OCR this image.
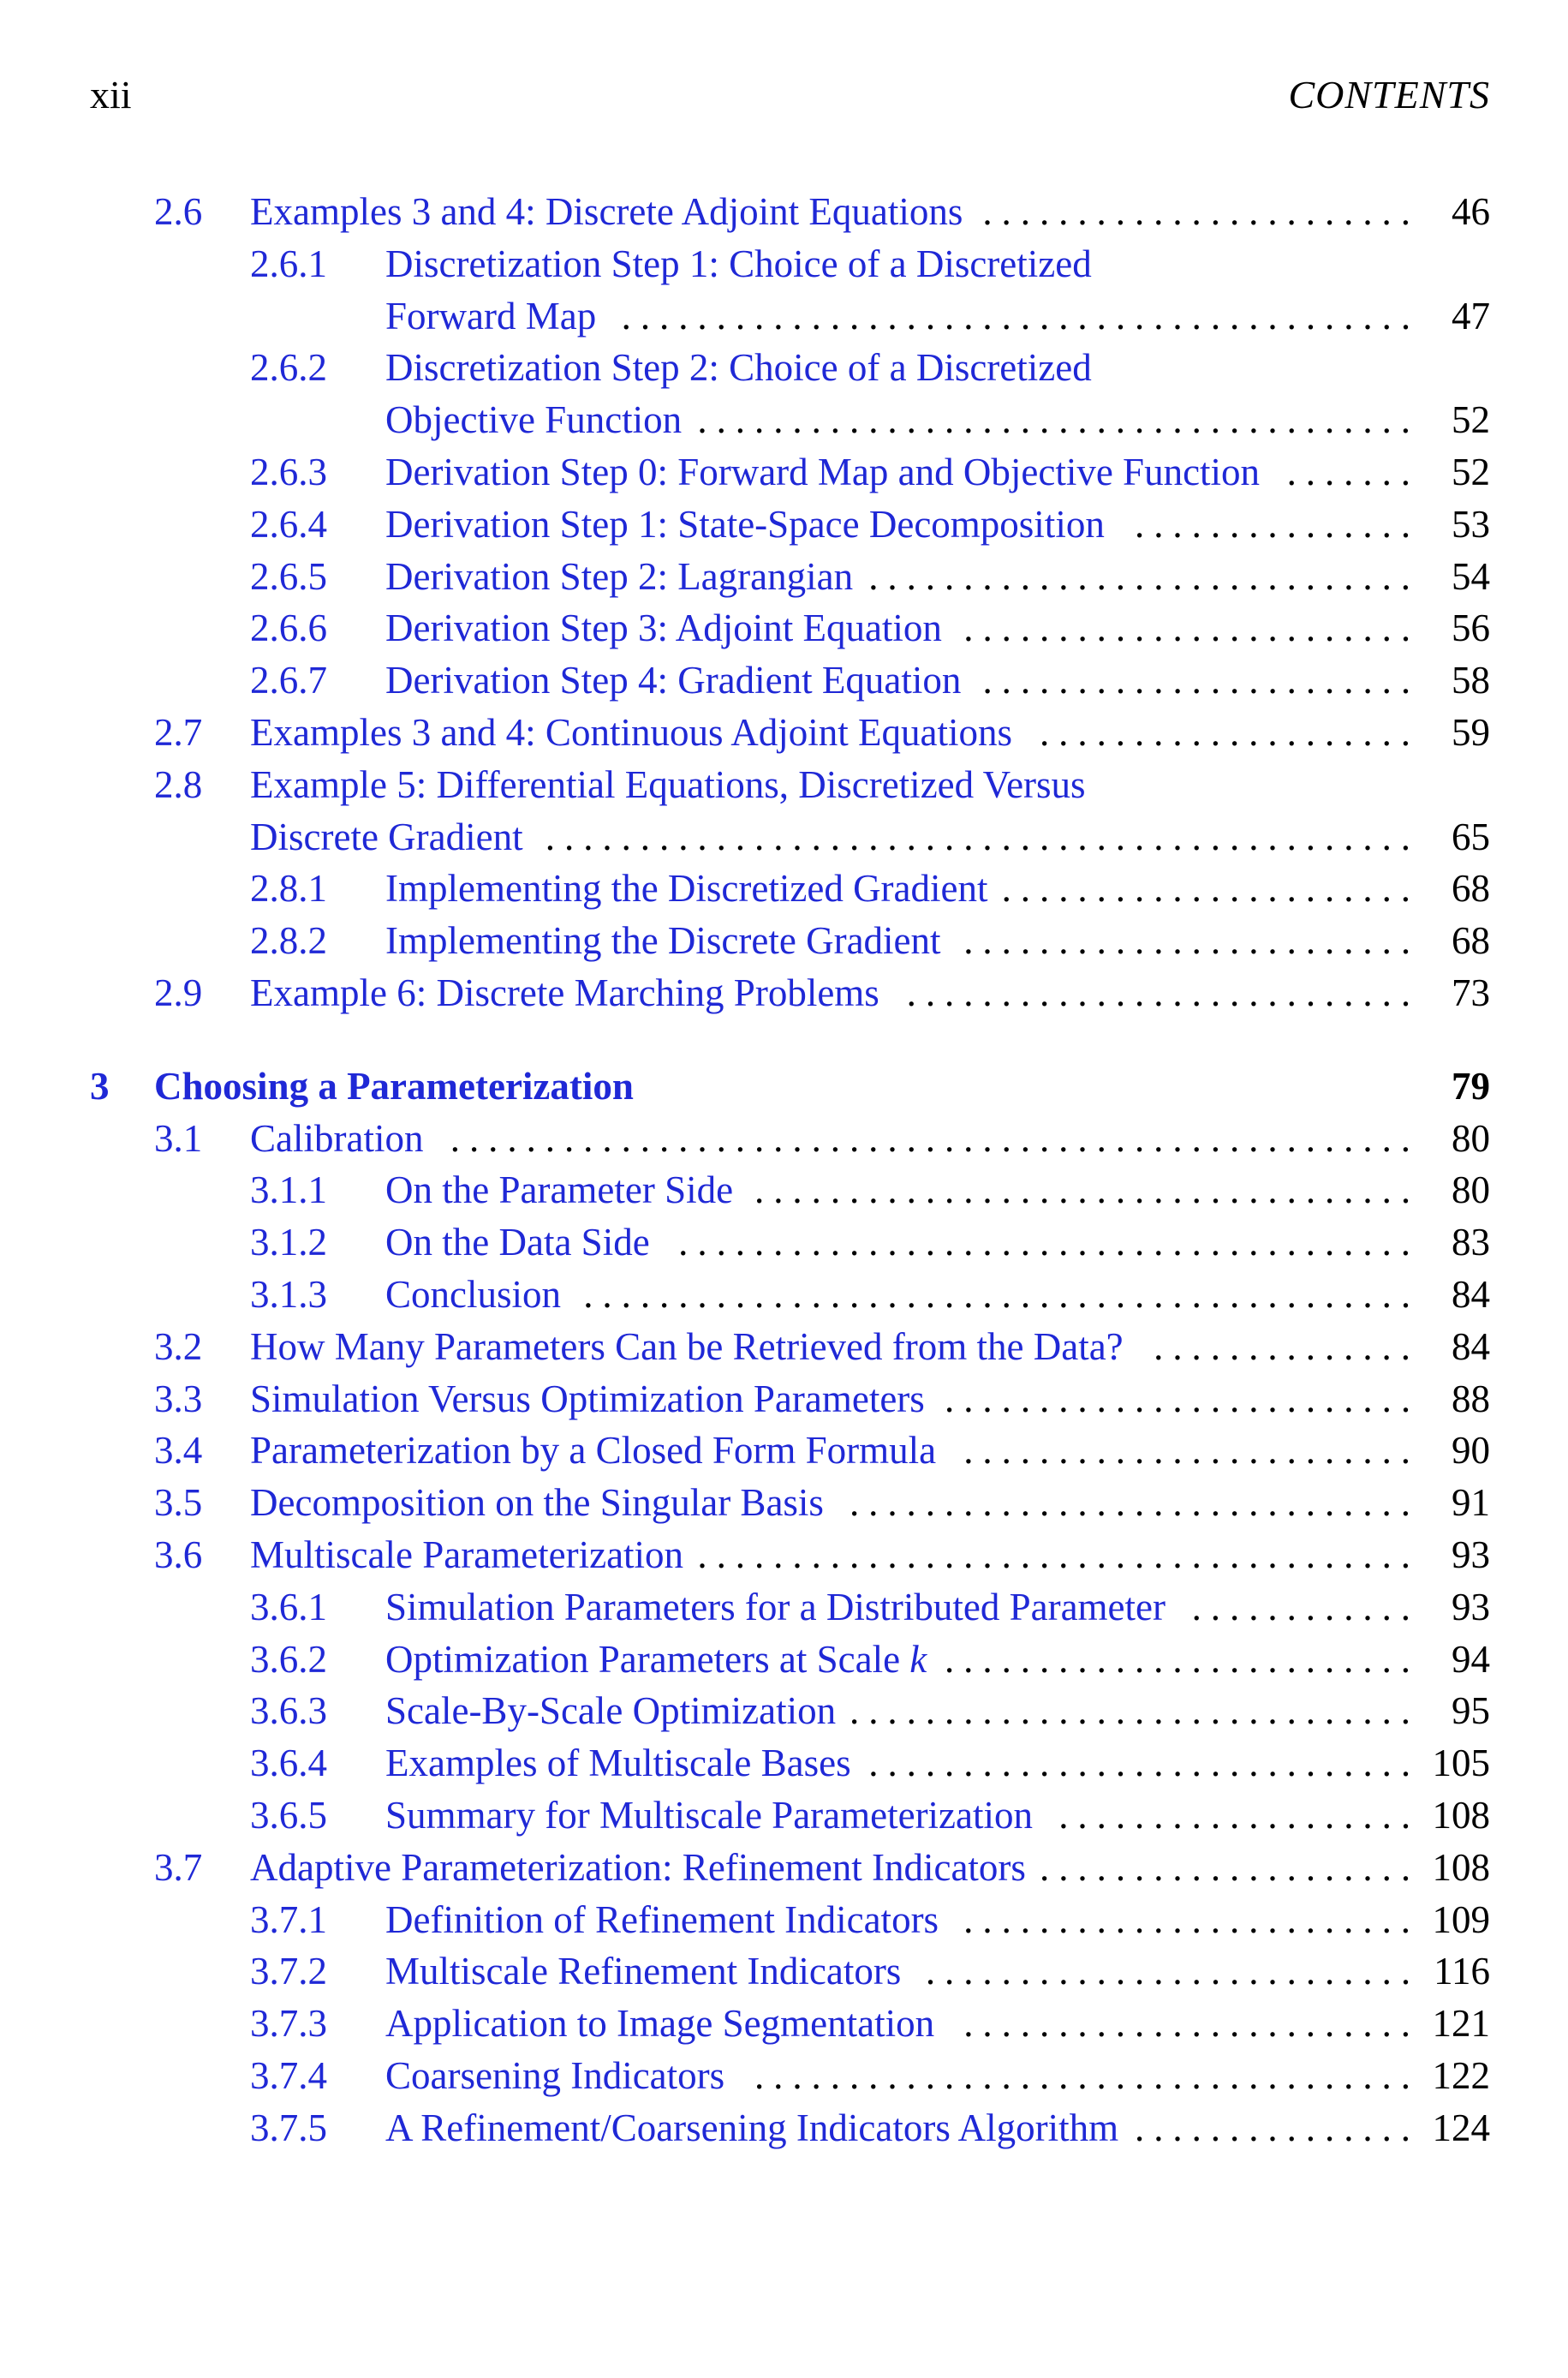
xii	CONTENTS
2.6 Examples 3 and 4: Discrete Adjoint Equations	46
.
.
.
.
.
.
.
.
.
.
.
.
.
.
.
.
.
.
.
.
.
.
.
2.6.1 Discretization Step 1: Choice of a Discretized
Forward Map	47
.
.
.
.
.
.
.
.
.
.
.
.
.
.
.
.
.
.
.
.
.
.
.
.
.
.
.
.
.
.
.
.
.
.
.
.
.
.
.
.
.
.
2.6.2 Discretization Step 2: Choice of a Discretized
Objective Function	52
.
.
.
.
.
.
.
.
.
.
.
.
.
.
.
.
.
.
.
.
.
.
.
.
.
.
.
.
.
.
.
.
.
.
.
.
.
.
2.6.3 Derivation Step 0: Forward Map and Objective Function	52
.
.
.
.
.
.
.
2.6.4 Derivation Step 1: State-Space Decomposition	53
.
.
.
.
.
.
.
.
.
.
.
.
.
.
.
2.6.5 Derivation Step 2: Lagrangian	54
.
.
.
.
.
.
.
.
.
.
.
.
.
.
.
.
.
.
.
.
.
.
.
.
.
.
.
.
.
2.6.6 Derivation Step 3: Adjoint Equation	56
.
.
.
.
.
.
.
.
.
.
.
.
.
.
.
.
.
.
.
.
.
.
.
.
2.6.7 Derivation Step 4: Gradient Equation	58
.
.
.
.
.
.
.
.
.
.
.
.
.
.
.
.
.
.
.
.
.
.
.
2.7 Examples 3 and 4: Continuous Adjoint Equations	59
.
.
.
.
.
.
.
.
.
.
.
.
.
.
.
.
.
.
.
.
2.8 Example 5: Differential Equations, Discretized Versus
Discrete Gradient	65
.
.
.
.
.
.
.
.
.
.
.
.
.
.
.
.
.
.
.
.
.
.
.
.
.
.
.
.
.
.
.
.
.
.
.
.
.
.
.
.
.
.
.
.
.
.
2.8.1 Implementing the Discretized Gradient	68
.
.
.
.
.
.
.
.
.
.
.
.
.
.
.
.
.
.
.
.
.
.
2.8.2 Implementing the Discrete Gradient	68
.
.
.
.
.
.
.
.
.
.
.
.
.
.
.
.
.
.
.
.
.
.
.
.
2.9 Example 6: Discrete Marching Problems	73
.
.
.
.
.
.
.
.
.
.
.
.
.
.
.
.
.
.
.
.
.
.
.
.
.
.
.
3 Choosing a Parameterization	79
3.1 Calibration	80
.
.
.
.
.
.
.
.
.
.
.
.
.
.
.
.
.
.
.
.
.
.
.
.
.
.
.
.
.
.
.
.
.
.
.
.
.
.
.
.
.
.
.
.
.
.
.
.
.
.
.
3.1.1 On the Parameter Side	80
.
.
.
.
.
.
.
.
.
.
.
.
.
.
.
.
.
.
.
.
.
.
.
.
.
.
.
.
.
.
.
.
.
.
.
3.1.2 On the Data Side	83
.
.
.
.
.
.
.
.
.
.
.
.
.
.
.
.
.
.
.
.
.
.
.
.
.
.
.
.
.
.
.
.
.
.
.
.
.
.
.
3.1.3 Conclusion	84
.
.
.
.
.
.
.
.
.
.
.
.
.
.
.
.
.
.
.
.
.
.
.
.
.
.
.
.
.
.
.
.
.
.
.
.
.
.
.
.
.
.
.
.
3.2 How Many Parameters Can be Retrieved from the Data?	84
.
.
.
.
.
.
.
.
.
.
.
.
.
.
3.3 Simulation Versus Optimization Parameters	88
.
.
.
.
.
.
.
.
.
.
.
.
.
.
.
.
.
.
.
.
.
.
.
.
.
3.4 Parameterization by a Closed Form Formula	90
.
.
.
.
.
.
.
.
.
.
.
.
.
.
.
.
.
.
.
.
.
.
.
.
3.5 Decomposition on the Singular Basis	91
.
.
.
.
.
.
.
.
.
.
.
.
.
.
.
.
.
.
.
.
.
.
.
.
.
.
.
.
.
.
3.6 Multiscale Parameterization	93
.
.
.
.
.
.
.
.
.
.
.
.
.
.
.
.
.
.
.
.
.
.
.
.
.
.
.
.
.
.
.
.
.
.
.
.
.
.
3.6.1 Simulation Parameters for a Distributed Parameter	93
.
.
.
.
.
.
.
.
.
.
.
.
3.6.2 Optimization Parameters at Scale k	94
.
.
.
.
.
.
.
.
.
.
.
.
.
.
.
.
.
.
.
.
.
.
.
.
.
3.6.3 Scale-By-Scale Optimization	95
.
.
.
.
.
.
.
.
.
.
.
.
.
.
.
.
.
.
.
.
.
.
.
.
.
.
.
.
.
.
3.6.4 Examples of Multiscale Bases	105
.
.
.
.
.
.
.
.
.
.
.
.
.
.
.
.
.
.
.
.
.
.
.
.
.
.
.
.
.
3.6.5 Summary for Multiscale Parameterization	108
.
.
.
.
.
.
.
.
.
.
.
.
.
.
.
.
.
.
.
3.7 Adaptive Parameterization: Refinement Indicators	108
.
.
.
.
.
.
.
.
.
.
.
.
.
.
.
.
.
.
.
.
3.7.1 Definition of Refinement Indicators	109
.
.
.
.
.
.
.
.
.
.
.
.
.
.
.
.
.
.
.
.
.
.
.
.
3.7.2 Multiscale Refinement Indicators	116
.
.
.
.
.
.
.
.
.
.
.
.
.
.
.
.
.
.
.
.
.
.
.
.
.
.
3.7.3 Application to Image Segmentation	121
.
.
.
.
.
.
.
.
.
.
.
.
.
.
.
.
.
.
.
.
.
.
.
.
3.7.4 Coarsening Indicators	122
.
.
.
.
.
.
.
.
.
.
.
.
.
.
.
.
.
.
.
.
.
.
.
.
.
.
.
.
.
.
.
.
.
.
.
3.7.5 A Refinement/Coarsening Indicators Algorithm	124
.
.
.
.
.
.
.
.
.
.
.
.
.
.
.
